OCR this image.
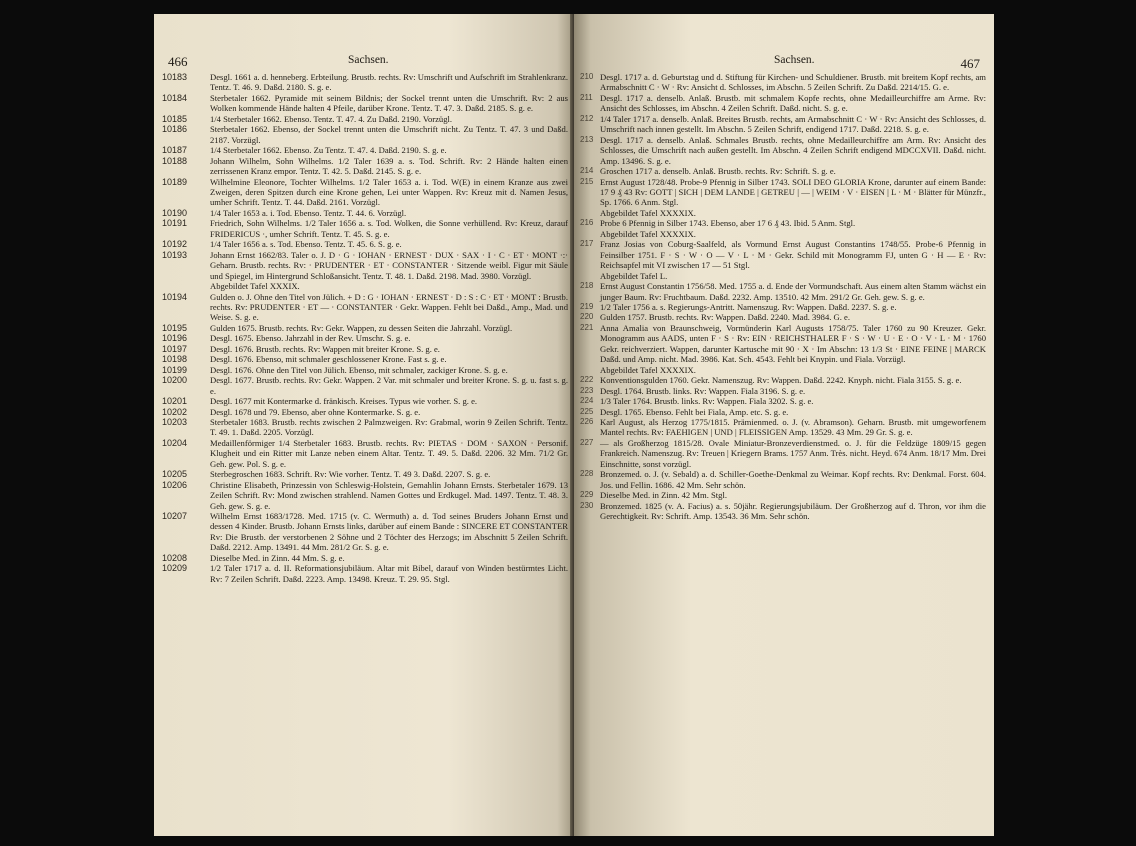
466	Sachsen.
10183	Desgl. 1661 a. d. henneberg. Erbteilung. Brustb. rechts. Rv: Umschrift und Aufschrift im Strahlenkranz. Tentz. T. 46. 9. Daßd. 2180. S. g. e.
10184	Sterbetaler 1662. Pyramide mit seinem Bildnis; der Sockel trennt unten die Umschrift. Rv: 2 aus Wolken kommende Hände halten 4 Pfeile, darüber Krone. Tentz. T. 47. 3. Daßd. 2185. S. g. e.
10185	1/4 Sterbetaler 1662. Ebenso. Tentz. T. 47. 4. Zu Daßd. 2190. Vorzügl.
10186	Sterbetaler 1662. Ebenso, der Sockel trennt unten die Umschrift nicht. Zu Tentz. T. 47. 3 und Daßd. 2187. Vorzügl.
10187	1/4 Sterbetaler 1662. Ebenso. Zu Tentz. T. 47. 4. Daßd. 2190. S. g. e.
10188	Johann Wilhelm, Sohn Wilhelms. 1/2 Taler 1639 a. s. Tod. Schrift. Rv: 2 Hände halten einen zerrissenen Kranz empor. Tentz. T. 42. 5. Daßd. 2145. S. g. e.
10189	Wilhelmine Eleonore, Tochter Wilhelms. 1/2 Taler 1653 a. i. Tod. W(E) in einem Kranze aus zwei Zweigen, deren Spitzen durch eine Krone gehen, Lei unter Wappen. Rv: Kreuz mit d. Namen Jesus, umher Schrift. Tentz. T. 44. Daßd. 2161. Vorzügl.
10190	1/4 Taler 1653 a. i. Tod. Ebenso. Tentz. T. 44. 6. Vorzügl.
10191	Friedrich, Sohn Wilhelms. 1/2 Taler 1656 a. s. Tod. Wolken, die Sonne verhüllend. Rv: Kreuz, darauf FRIDERICUS ·, umher Schrift. Tentz. T. 45. S. g. e.
10192	1/4 Taler 1656 a. s. Tod. Ebenso. Tentz. T. 45. 6. S. g. e.
10193	Johann Ernst 1662/83. Taler o. J. D · G · IOHAN · ERNEST · DUX · SAX · I · C · ET · MONT ·:· Geharn. Brustb. rechts. Rv: · PRUDENTER · ET · CONSTANTER · Sitzende weibl. Figur mit Säule und Spiegel, im Hintergrund Schloßansicht. Tentz. T. 48. 1. Daßd. 2198. Mad. 3980. Vorzügl.
Abgebildet Tafel XXXIX.
10194	Gulden o. J. Ohne den Titel von Jülich. + D : G · IOHAN · ERNEST · D : S : C · ET · MONT : Brustb. rechts. Rv: PRUDENTER · ET — · CONSTANTER · Gekr. Wappen. Fehlt bei Daßd., Amp., Mad. und Weise. S. g. e.
10195	Gulden 1675. Brustb. rechts. Rv: Gekr. Wappen, zu dessen Seiten die Jahrzahl. Vorzügl.
10196	Desgl. 1675. Ebenso. Jahrzahl in der Rev. Umschr. S. g. e.
10197	Desgl. 1676. Brustb. rechts. Rv: Wappen mit breiter Krone. S. g. e.
10198	Desgl. 1676. Ebenso, mit schmaler geschlossener Krone. Fast s. g. e.
10199	Desgl. 1676. Ohne den Titel von Jülich. Ebenso, mit schmaler, zackiger Krone. S. g. e.
10200	Desgl. 1677. Brustb. rechts. Rv: Gekr. Wappen. 2 Var. mit schmaler und breiter Krone. S. g. u. fast s. g. e.
10201	Desgl. 1677 mit Kontermarke d. fränkisch. Kreises. Typus wie vorher. S. g. e.
10202	Desgl. 1678 und 79. Ebenso, aber ohne Kontermarke. S. g. e.
10203	Sterbetaler 1683. Brustb. rechts zwischen 2 Palmzweigen. Rv: Grabmal, worin 9 Zeilen Schrift. Tentz. T. 49. 1. Daßd. 2205. Vorzügl.
10204	Medaillenförmiger 1/4 Sterbetaler 1683. Brustb. rechts. Rv: PIETAS · DOM · SAXON · Personif. Klugheit und ein Ritter mit Lanze neben einem Altar. Tentz. T. 49. 5. Daßd. 2206. 32 Mm. 71/2 Gr. Geh. gew. Pol. S. g. e.
10205	Sterbegroschen 1683. Schrift. Rv: Wie vorher. Tentz. T. 49 3. Daßd. 2207. S. g. e.
10206	Christine Elisabeth, Prinzessin von Schleswig-Holstein, Gemahlin Johann Ernsts. Sterbetaler 1679. 13 Zeilen Schrift. Rv: Mond zwischen strahlend. Namen Gottes und Erdkugel. Mad. 1497. Tentz. T. 48. 3. Geh. gew. S. g. e.
10207	Wilhelm Ernst 1683/1728. Med. 1715 (v. C. Wermuth) a. d. Tod seines Bruders Johann Ernst und dessen 4 Kinder. Brustb. Johann Ernsts links, darüber auf einem Bande : SINCERE ET CONSTANTER Rv: Die Brustb. der verstorbenen 2 Söhne und 2 Töchter des Herzogs; im Abschnitt 5 Zeilen Schrift. Daßd. 2212. Amp. 13491. 44 Mm. 281/2 Gr. S. g. e.
10208	Dieselbe Med. in Zinn. 44 Mm. S. g. e.
10209	1/2 Taler 1717 a. d. II. Reformationsjubiläum. Altar mit Bibel, darauf von Winden bestürmtes Licht. Rv: 7 Zeilen Schrift. Daßd. 2223. Amp. 13498. Kreuz. T. 29. 95. Stgl.
Sachsen.	467
210 Desgl. 1717 a. d. Geburtstag und d. Stiftung für Kirchen- und Schuldiener. Brustb. mit breitem Kopf rechts, am Armabschnitt C · W · Rv: Ansicht d. Schlosses, im Abschn. 5 Zeilen Schrift. Zu Daßd. 2214/15. G. e.
211 Desgl. 1717 a. denselb. Anlaß. Brustb. mit schmalem Kopfe rechts, ohne Medailleurchiffre am Arme. Rv: Ansicht des Schlosses, im Abschn. 4 Zeilen Schrift. Daßd. nicht. S. g. e.
212 1/4 Taler 1717 a. denselb. Anlaß. Breites Brustb. rechts, am Armabschnitt C · W · Rv: Ansicht des Schlosses, d. Umschrift nach innen gestellt. Im Abschn. 5 Zeilen Schrift, endigend 1717. Daßd. 2218. S. g. e.
213 Desgl. 1717 a. denselb. Anlaß. Schmales Brustb. rechts, ohne Medailleurchiffre am Arm. Rv: Ansicht des Schlosses, die Umschrift nach außen gestellt. Im Abschn. 4 Zeilen Schrift endigend MDCCXVII. Daßd. nicht. Amp. 13496. S. g. e.
214 Groschen 1717 a. denselb. Anlaß. Brustb. rechts. Rv: Schrift. S. g. e.
215 Ernst August 1728/48. Probe-9 Pfennig in Silber 1743. SOLI DEO GLORIA Krone, darunter auf einem Bande: 17 9 ₰ 43 Rv: GOTT | SICH | DEM LANDE | GETREU | — | WEIM · V · EISEN | L · M · Blätter für Münzfr., Sp. 1766. 6 Anm. Stgl.
Abgebildet Tafel XXXXIX.
216 Probe 6 Pfennig in Silber 1743. Ebenso, aber 17 6 ₰ 43. Ibid. 5 Anm. Stgl.
Abgebildet Tafel XXXXIX.
217 Franz Josias von Coburg-Saalfeld, als Vormund Ernst August Constantins 1748/55. Probe-6 Pfennig in Feinsilber 1751. F · S · W · O — V · L · M · Gekr. Schild mit Monogramm FJ, unten G · H — E · Rv: Reichsapfel mit VI zwischen 17 — 51 Stgl.
Abgebildet Tafel L.
218 Ernst August Constantin 1756/58. Med. 1755 a. d. Ende der Vormundschaft. Aus einem alten Stamm wächst ein junger Baum. Rv: Fruchtbaum. Daßd. 2232. Amp. 13510. 42 Mm. 291/2 Gr. Geh. gew. S. g. e.
219 1/2 Taler 1756 a. s. Regierungs-Antritt. Namenszug. Rv: Wappen. Daßd. 2237. S. g. e.
220 Gulden 1757. Brustb. rechts. Rv: Wappen. Daßd. 2240. Mad. 3984. G. e.
221 Anna Amalia von Braunschweig, Vormünderin Karl Augusts 1758/75. Taler 1760 zu 90 Kreuzer. Gekr. Monogramm aus AADS, unten F · S · Rv: EIN · REICHSTHALER F · S · W · U · E · O · V · L · M · 1760 Gekr. reichverziert. Wappen, darunter Kartusche mit 90 · X · Im Abschn: 13 1/3 St · EINE FEINE | MARCK Daßd. und Amp. nicht. Mad. 3986. Kat. Sch. 4543. Fehlt bei Knypin. und Fiala. Vorzügl.
Abgebildet Tafel XXXXIX.
222 Konventionsgulden 1760. Gekr. Namenszug. Rv: Wappen. Daßd. 2242. Knyph. nicht. Fiala 3155. S. g. e.
223 Desgl. 1764. Brustb. links. Rv: Wappen. Fiala 3196. S. g. e.
224 1/3 Taler 1764. Brustb. links. Rv: Wappen. Fiala 3202. S. g. e.
225 Desgl. 1765. Ebenso. Fehlt bei Fiala, Amp. etc. S. g. e.
226 Karl August, als Herzog 1775/1815. Prämienmed. o. J. (v. Abramson). Geharn. Brustb. mit umgeworfenem Mantel rechts. Rv: FAEHIGEN | UND | FLEISSIGEN Amp. 13529. 43 Mm. 29 Gr. S. g. e.
227 — als Großherzog 1815/28. Ovale Miniatur-Bronzeverdienstmed. o. J. für die Feldzüge 1809/15 gegen Frankreich. Namenszug. Rv: Treuen | Kriegern Brams. 1757 Anm. Très. nicht. Heyd. 674 Anm. 18/17 Mm. Drei Einschnitte, sonst vorzügl.
228 Bronzemed. o. J. (v. Sebald) a. d. Schiller-Goethe-Denkmal zu Weimar. Kopf rechts. Rv: Denkmal. Forst. 604. Jos. und Fellin. 1686. 42 Mm. Sehr schön.
229 Dieselbe Med. in Zinn. 42 Mm. Stgl.
230 Bronzemed. 1825 (v. A. Facius) a. s. 50jähr. Regierungsjubiläum. Der Großherzog auf d. Thron, vor ihm die Gerechtigkeit. Rv: Schrift. Amp. 13543. 36 Mm. Sehr schön.
